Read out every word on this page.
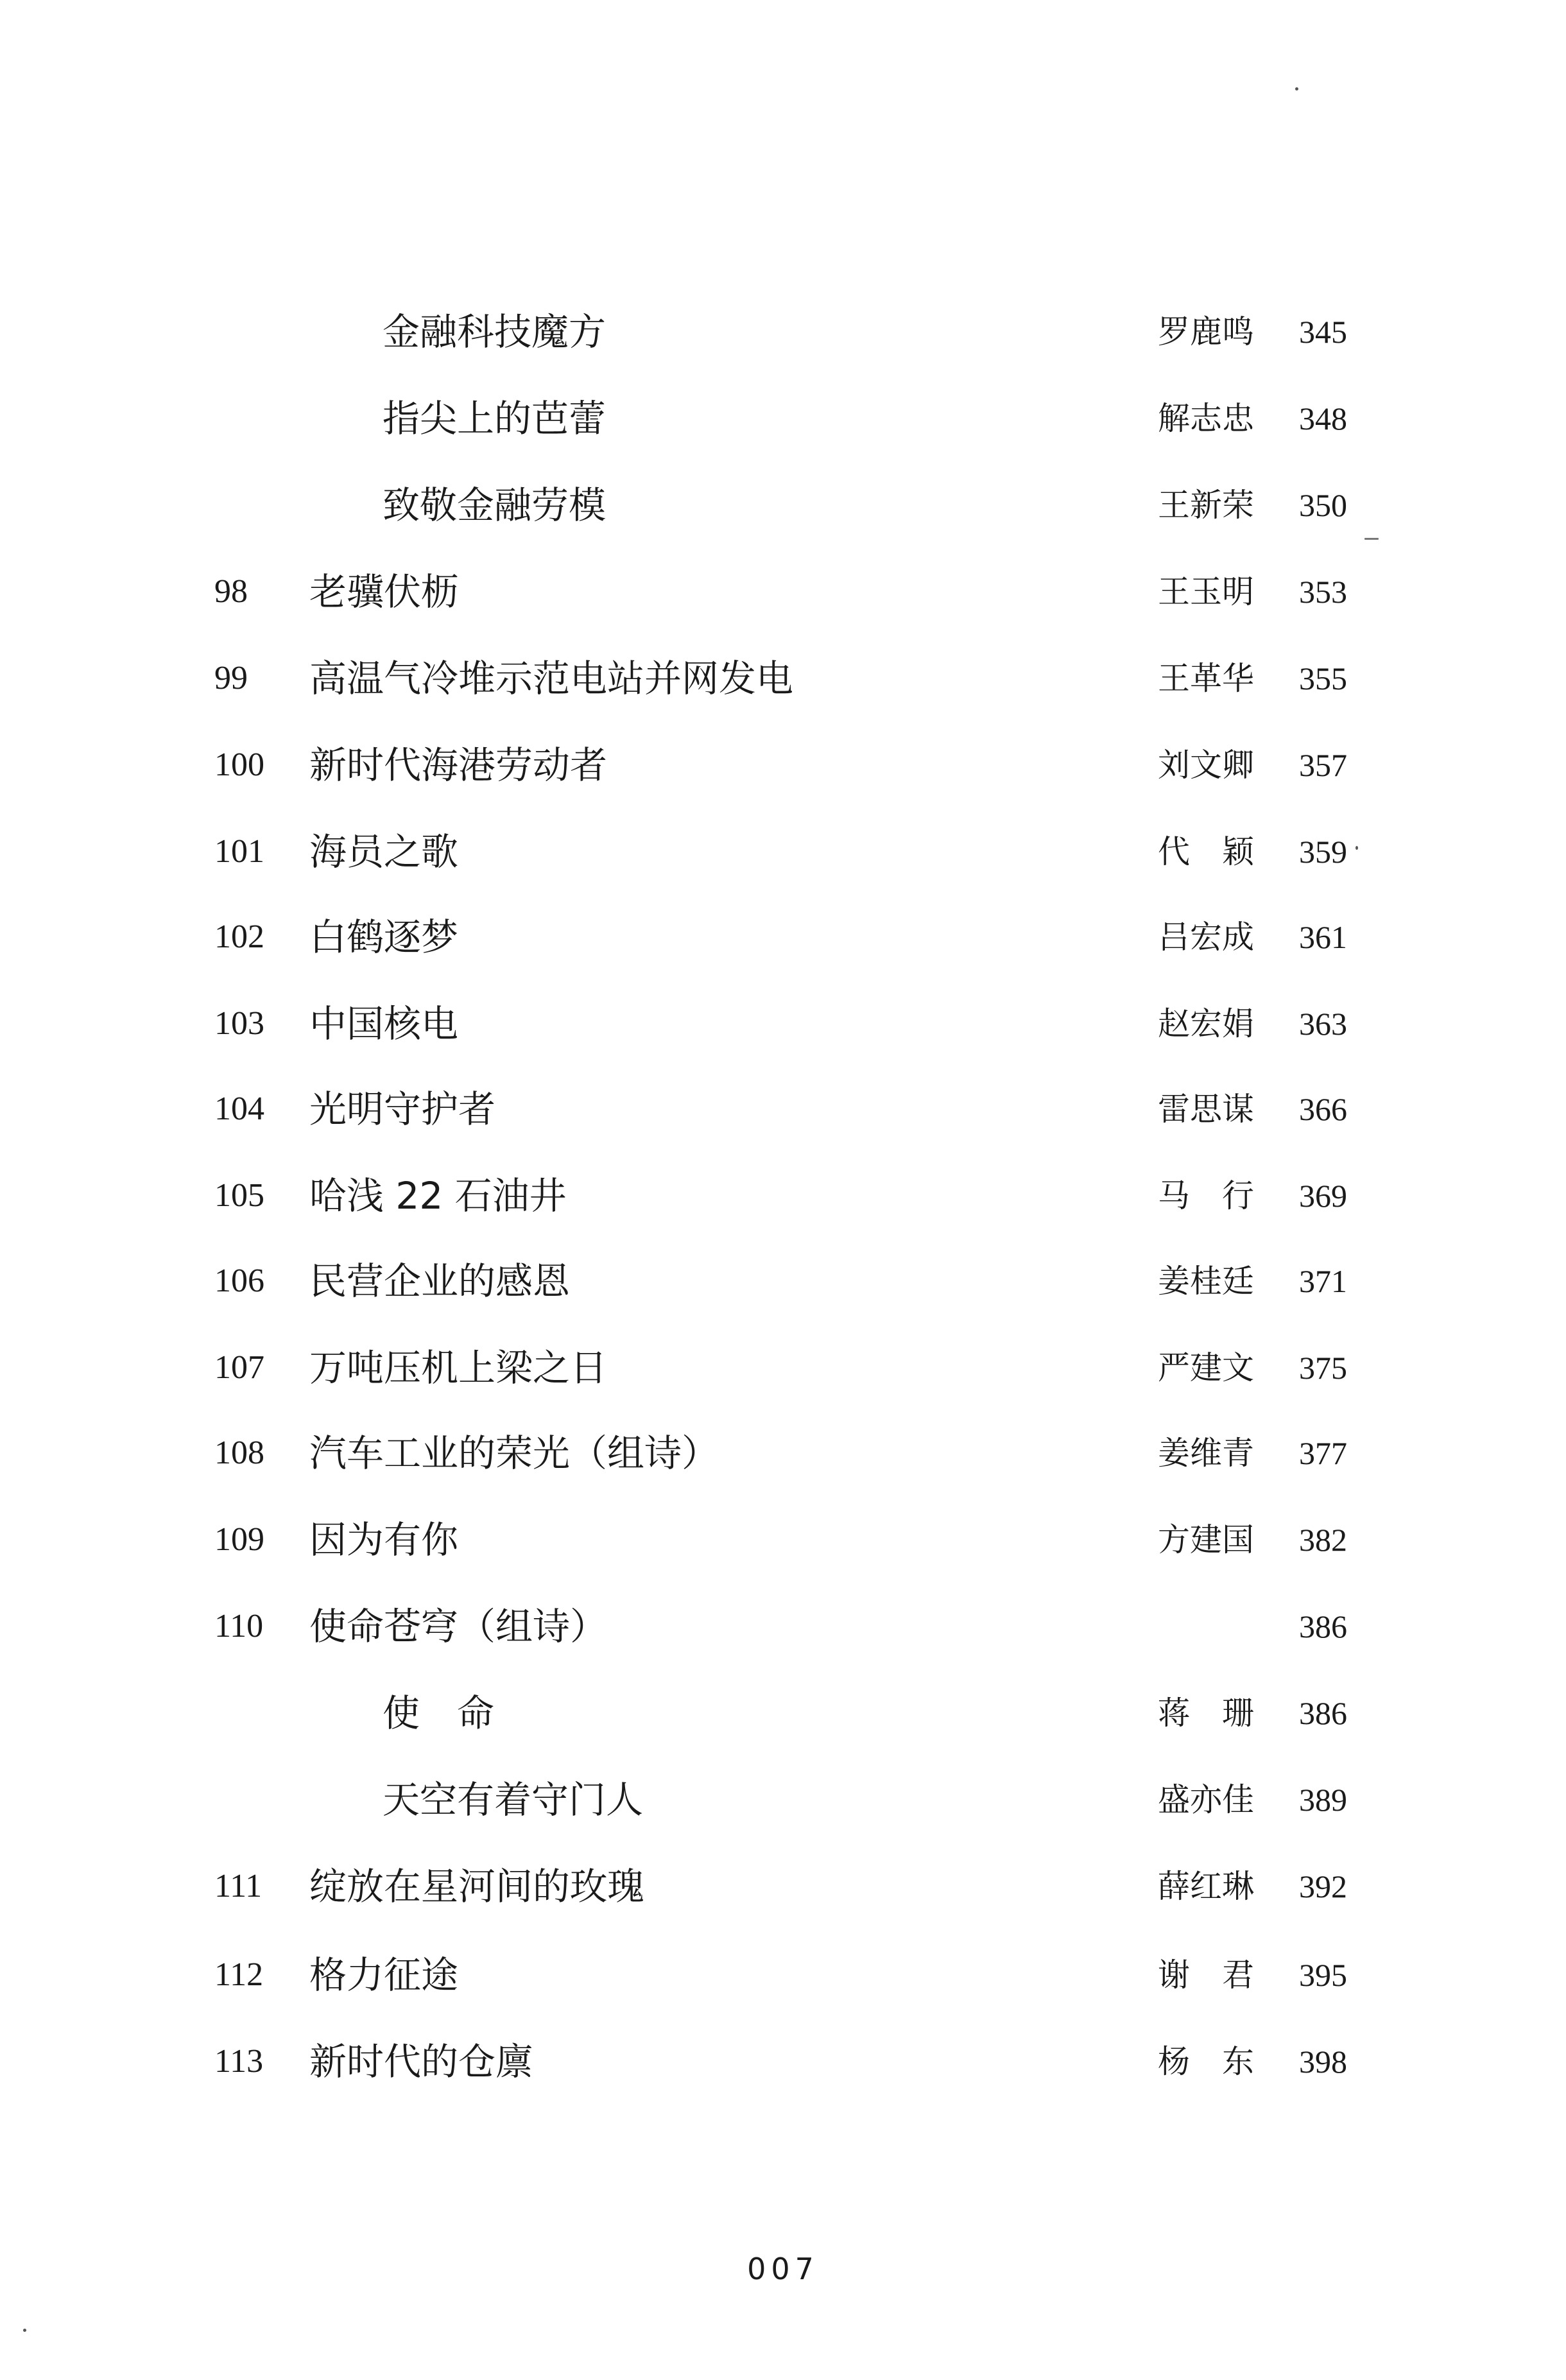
金融科技魔方	罗鹿鸣 345
指尖上的芭蕾	解志忠 348
致敬金融劳模	王新荣 350
98 老骥伏枥	王玉明 353
99 高温气冷堆示范电站并网发电	王革华 355
100 新时代海港劳动者	刘文卿 357
101 海员之歌	代　颖 359
102 白鹤逐梦	吕宏成 361
103 中国核电	赵宏娟 363
104 光明守护者	雷思谋 366
105 哈浅 22 石油井	马　行 369
106 民营企业的感恩	姜桂廷 371
107 万吨压机上梁之日	严建文 375
108 汽车工业的荣光（组诗）	姜维青 377
109 因为有你	方建国 382
110 使命苍穹（组诗）	386
使　命	蒋　珊 386
天空有着守门人	盛亦佳 389
111 绽放在星河间的玫瑰	薛红琳 392
112 格力征途	谢　君 395
113 新时代的仓廪	杨　东 398
007
